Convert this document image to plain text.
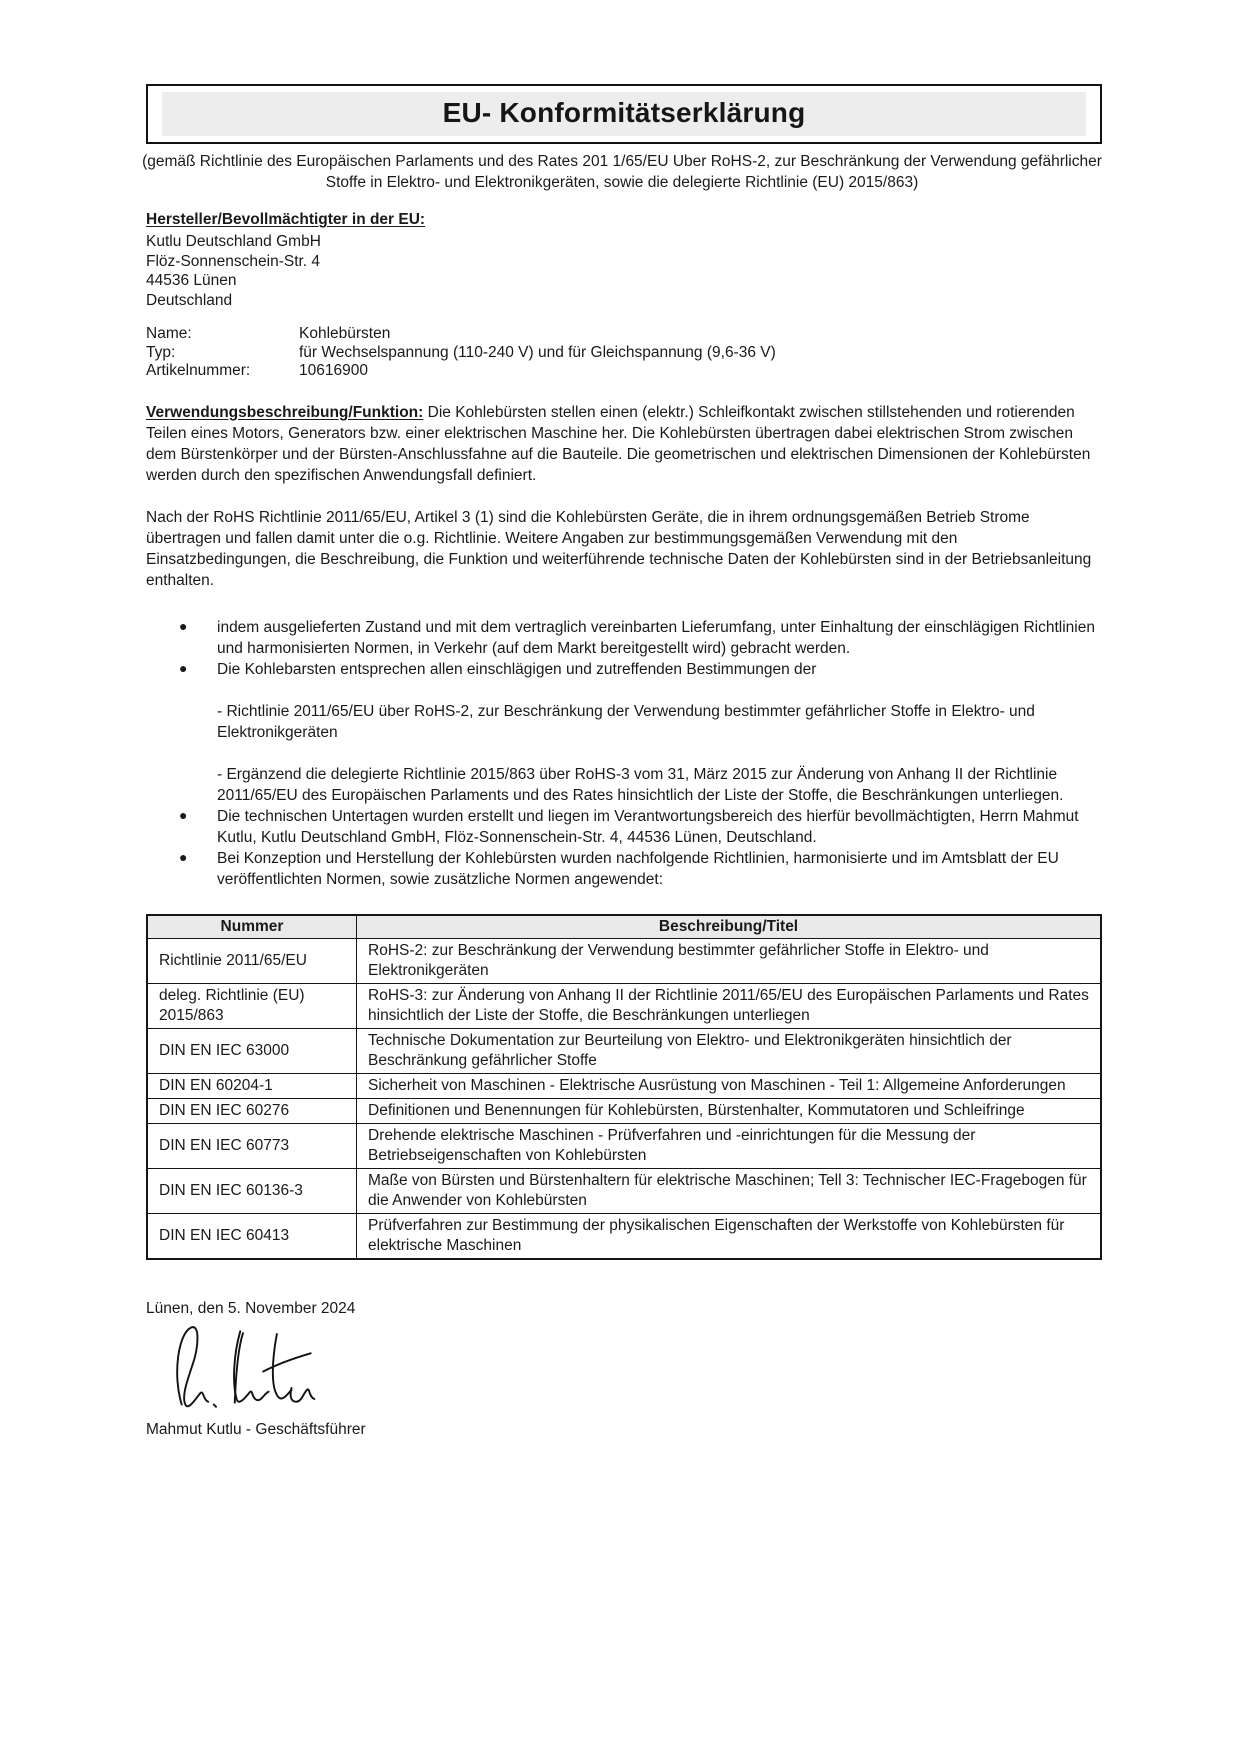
EU- Konformitätserklärung

(gemäß Richtlinie des Europäischen Parlaments und des Rates 201 1/65/EU Uber RoHS-2, zur Beschränkung der Verwendung gefährlicher Stoffe in Elektro- und Elektronikgeräten, sowie die delegierte Richtlinie (EU) 2015/863)

Hersteller/Bevollmächtigter in der EU:
Kutlu Deutschland GmbH
Flöz-Sonnenschein-Str. 4
44536 Lünen
Deutschland
Name:	Kohlebürsten
Typ:	für Wechselspannung (110-240 V) und für Gleichspannung (9,6-36 V)
Artikelnummer:	10616900

Verwendungsbeschreibung/Funktion: Die Kohlebürsten stellen einen (elektr.) Schleifkontakt zwischen stillstehenden und rotierenden Teilen eines Motors, Generators bzw. einer elektrischen Maschine her. Die Kohlebürsten übertragen dabei elektrischen Strom zwischen dem Bürstenkörper und der Bürsten-Anschlussfahne auf die Bauteile. Die geometrischen und elektrischen Dimensionen der Kohlebürsten werden durch den spezifischen Anwendungsfall definiert.

Nach der RoHS Richtlinie 2011/65/EU, Artikel 3 (1) sind die Kohlebürsten Geräte, die in ihrem ordnungsgemäßen Betrieb Strome übertragen und fallen damit unter die o.g. Richtlinie. Weitere Angaben zur bestimmungsgemäßen Verwendung mit den Einsatzbedingungen, die Beschreibung, die Funktion und weiterführende technische Daten der Kohlebürsten sind in der Betriebsanleitung enthalten.

● indem ausgelieferten Zustand und mit dem vertraglich vereinbarten Lieferumfang, unter Einhaltung der einschlägigen Richtlinien und harmonisierten Normen, in Verkehr (auf dem Markt bereitgestellt wird) gebracht werden.
● Die Kohlebarsten entsprechen allen einschlägigen und zutreffenden Bestimmungen der
- Richtlinie 2011/65/EU über RoHS-2, zur Beschränkung der Verwendung bestimmter gefährlicher Stoffe in Elektro- und Elektronikgeräten
- Ergänzend die delegierte Richtlinie 2015/863 über RoHS-3 vom 31, März 2015 zur Änderung von Anhang II der Richtlinie 2011/65/EU des Europäischen Parlaments und des Rates hinsichtlich der Liste der Stoffe, die Beschränkungen unterliegen.
● Die technischen Untertagen wurden erstellt und liegen im Verantwortungsbereich des hierfür bevollmächtigten, Herrn Mahmut Kutlu, Kutlu Deutschland GmbH, Flöz-Sonnenschein-Str. 4, 44536 Lünen, Deutschland.
● Bei Konzeption und Herstellung der Kohlebürsten wurden nachfolgende Richtlinien, harmonisierte und im Amtsblatt der EU veröffentlichten Normen, sowie zusätzliche Normen angewendet:
Nummer	Beschreibung/Titel
Richtlinie 2011/65/EU	RoHS-2: zur Beschränkung der Verwendung bestimmter gefährlicher Stoffe in Elektro- und Elektronikgeräten
deleg. Richtlinie (EU) 2015/863	RoHS-3: zur Änderung von Anhang II der Richtlinie 2011/65/EU des Europäischen Parlaments und Rates hinsichtlich der Liste der Stoffe, die Beschränkungen unterliegen
DIN EN IEC 63000	Technische Dokumentation zur Beurteilung von Elektro- und Elektronikgeräten hinsichtlich der Beschränkung gefährlicher Stoffe
DIN EN 60204-1	Sicherheit von Maschinen - Elektrische Ausrüstung von Maschinen - Teil 1: Allgemeine Anforderungen
DIN EN IEC 60276	Definitionen und Benennungen für Kohlebürsten, Bürstenhalter, Kommutatoren und Schleifringe
DIN EN IEC 60773	Drehende elektrische Maschinen - Prüfverfahren und -einrichtungen für die Messung der Betriebseigenschaften von Kohlebürsten
DIN EN IEC 60136-3	Maße von Bürsten und Bürstenhaltern für elektrische Maschinen; Tell 3: Technischer IEC-Fragebogen für die Anwender von Kohlebürsten
DIN EN IEC 60413	Prüfverfahren zur Bestimmung der physikalischen Eigenschaften der Werkstoffe von Kohlebürsten für elektrische Maschinen
Lünen, den 5. November 2024
Mahmut Kutlu - Geschäftsführer
